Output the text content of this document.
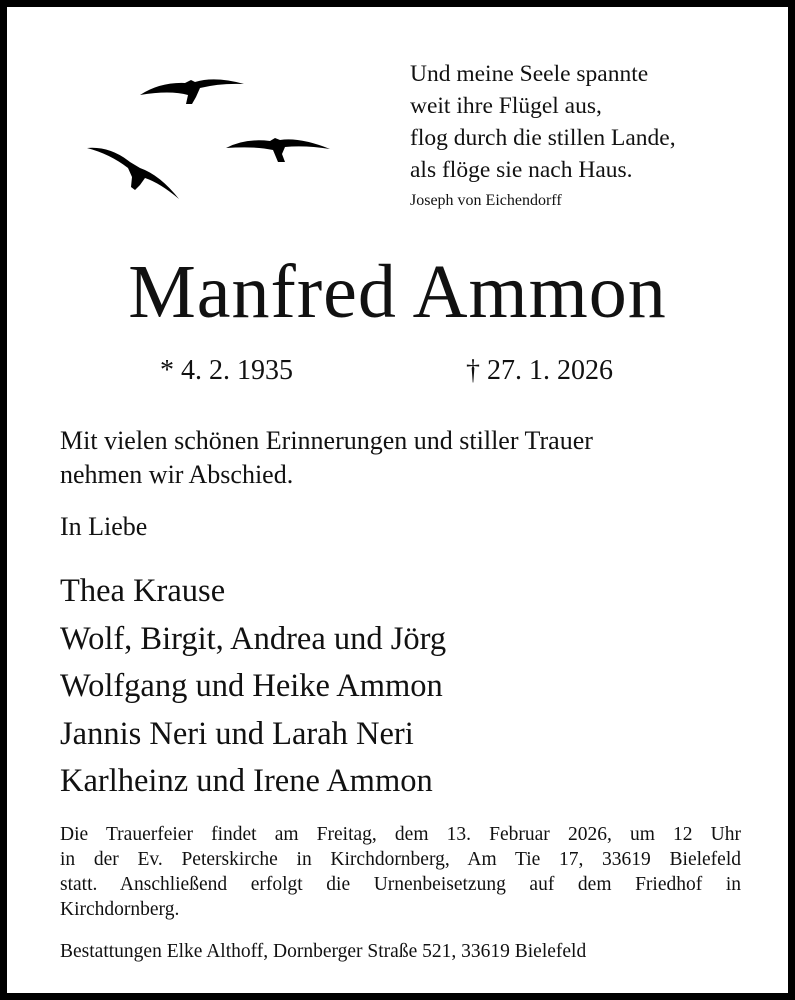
Und meine Seele spannte
weit ihre Flügel aus,
flog durch die stillen Lande,
als flöge sie nach Haus.
Joseph von Eichendorff
Manfred Ammon
* 4. 2. 1935	† 27. 1. 2026
Mit vielen schönen Erinnerungen und stiller Trauer
nehmen wir Abschied.
In Liebe
Thea Krause
Wolf, Birgit, Andrea und Jörg
Wolfgang und Heike Ammon
Jannis Neri und Larah Neri
Karlheinz und Irene Ammon
Die Trauerfeier findet am Freitag, dem 13. Februar 2026, um 12 Uhr
in der Ev. Peterskirche in Kirchdornberg, Am Tie 17, 33619 Bielefeld
statt. Anschließend erfolgt die Urnenbeisetzung auf dem Friedhof in
Kirchdornberg.
Bestattungen Elke Althoff, Dornberger Straße 521, 33619 Bielefeld
